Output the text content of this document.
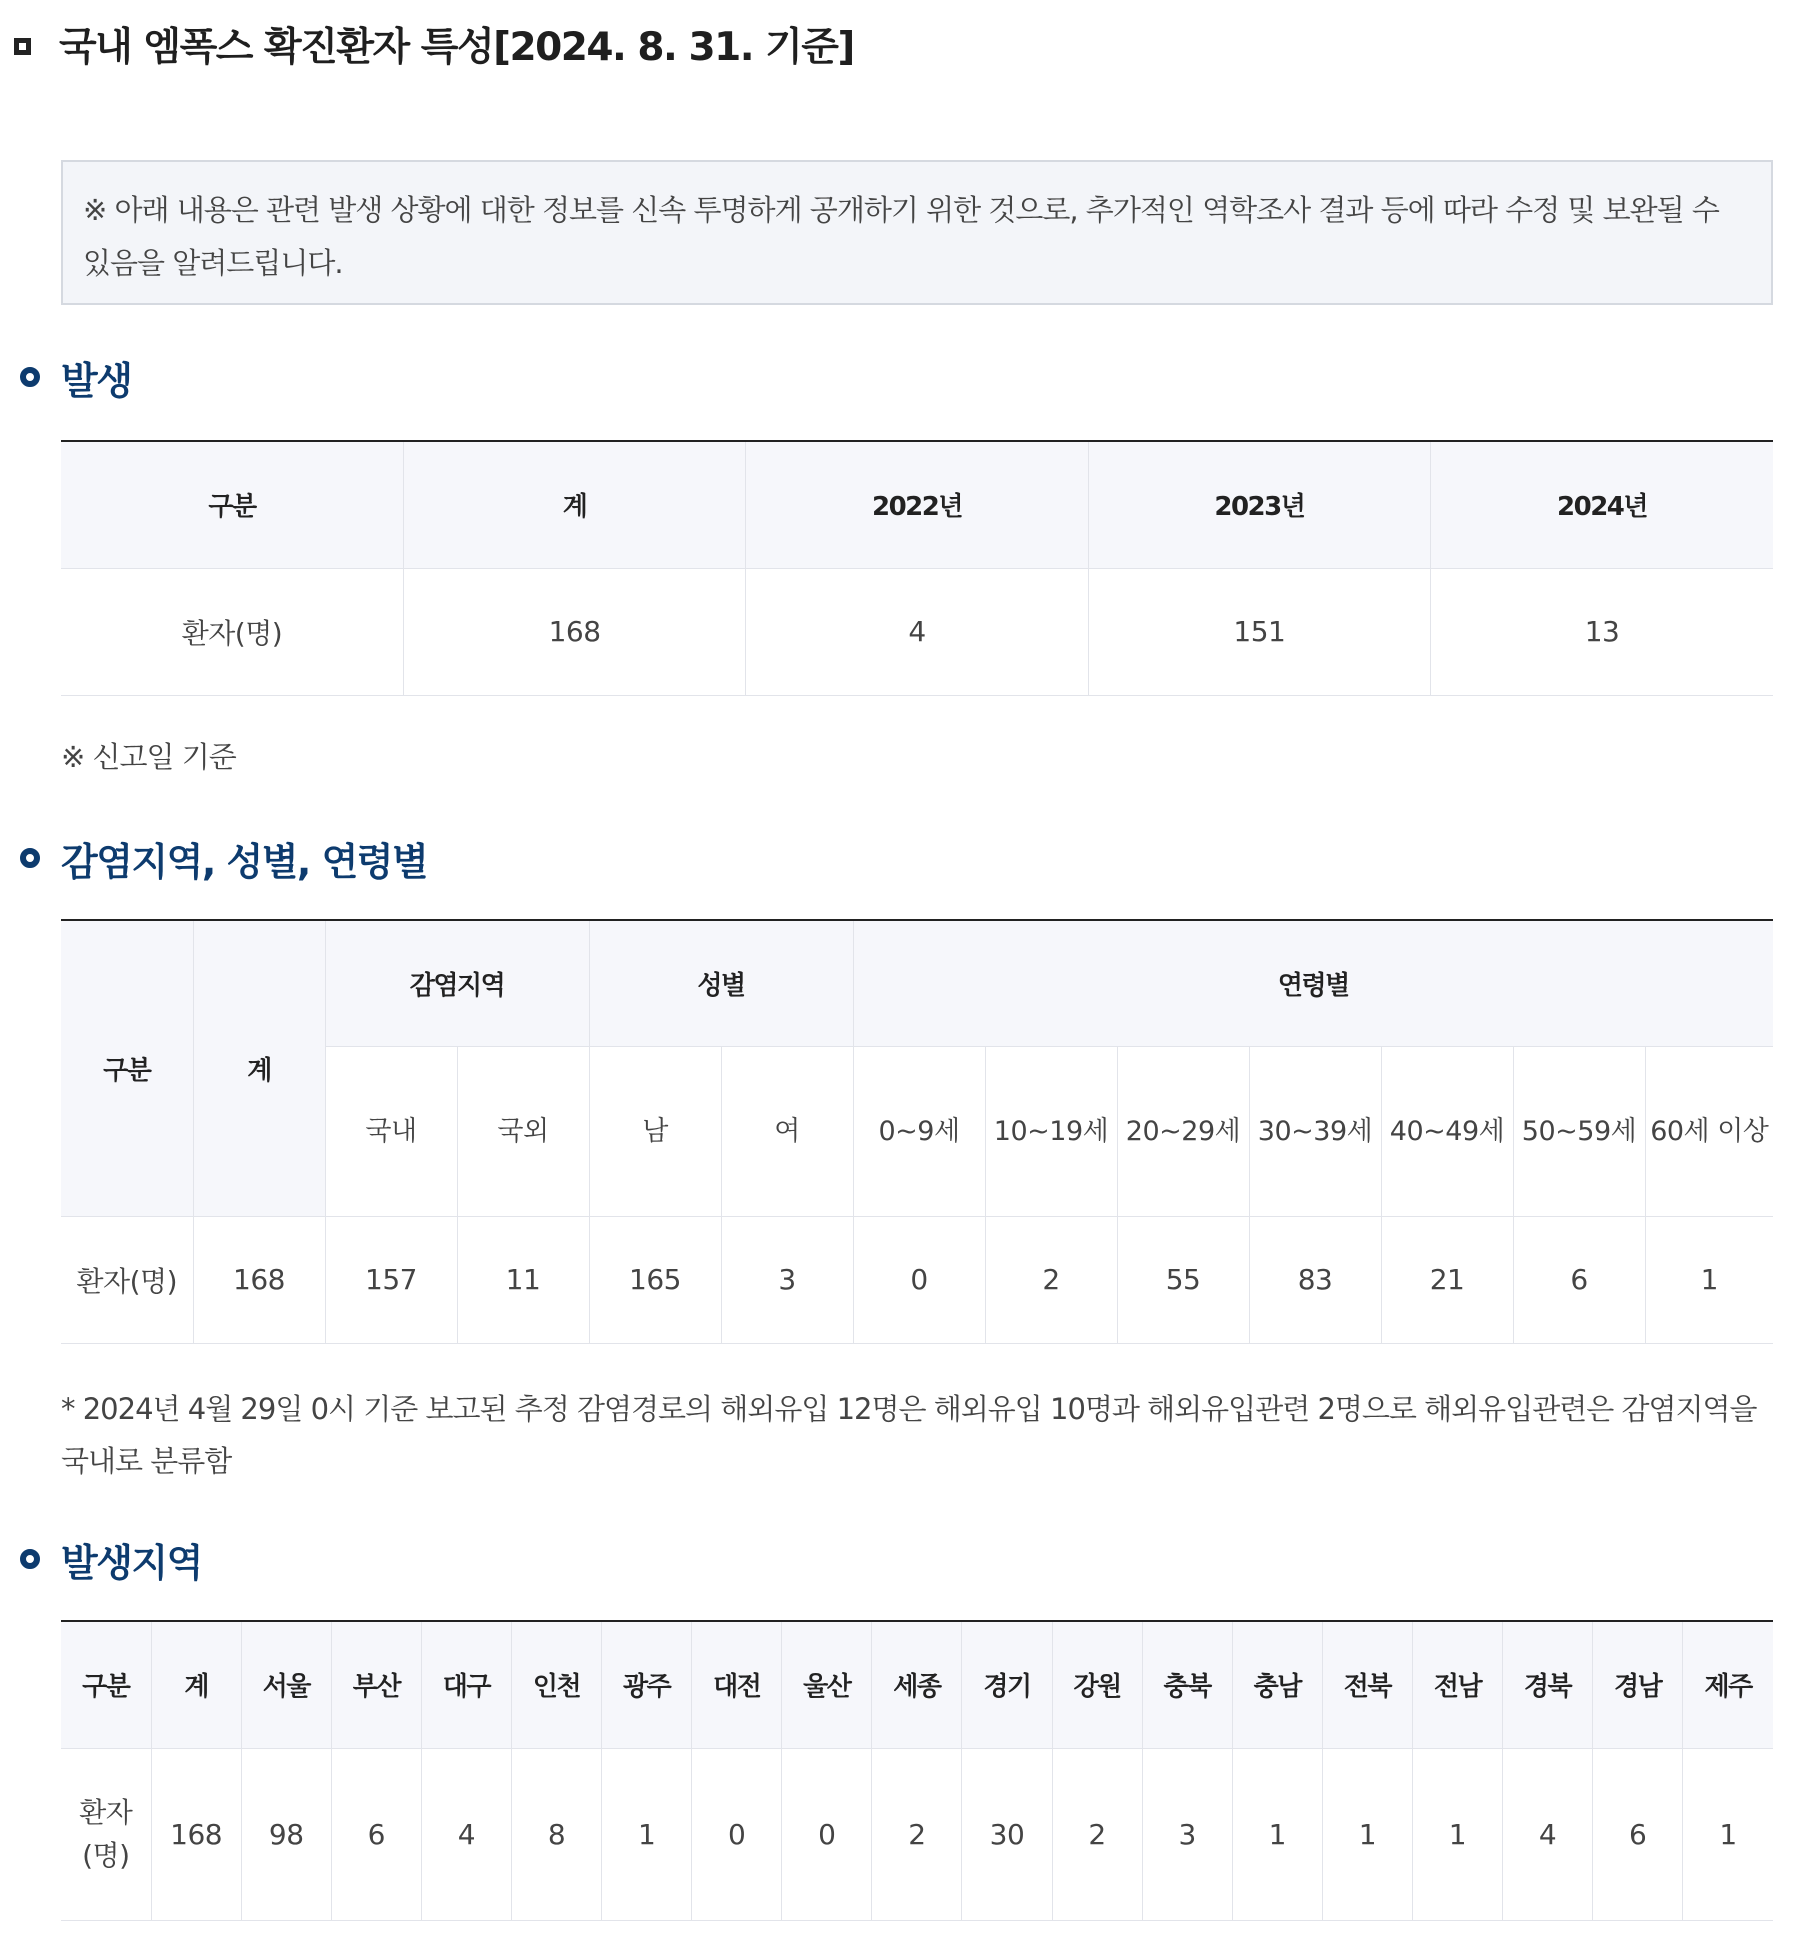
국내 엠폭스 확진환자 특성[2024. 8. 31. 기준]
※ 아래 내용은 관련 발생 상황에 대한 정보를 신속 투명하게 공개하기 위한 것으로, 추가적인 역학조사 결과 등에 따라 수정 및 보완될 수 있음을 알려드립니다.
발생
구분	계	2022년	2023년	2024년
환자(명)	168	4	151	13
※ 신고일 기준
감염지역, 성별, 연령별
구분	계	감염지역		성별		연령별						
		국내	국외	남	여	0~9세	10~19세	20~29세	30~39세	40~49세	50~59세	60세 이상
환자(명)	168	157	11	165	3	0	2	55	83	21	6	1
* 2024년 4월 29일 0시 기준 보고된 추정 감염경로의 해외유입 12명은 해외유입 10명과 해외유입관련 2명으로 해외유입관련은 감염지역을 국내로 분류함
발생지역
구분	계	서울	부산	대구	인천	광주	대전	울산	세종	경기	강원	충북	충남	전북	전남	경북	경남	제주
환자(명)	168	98	6	4	8	1	0	0	2	30	2	3	1	1	1	4	6	1
